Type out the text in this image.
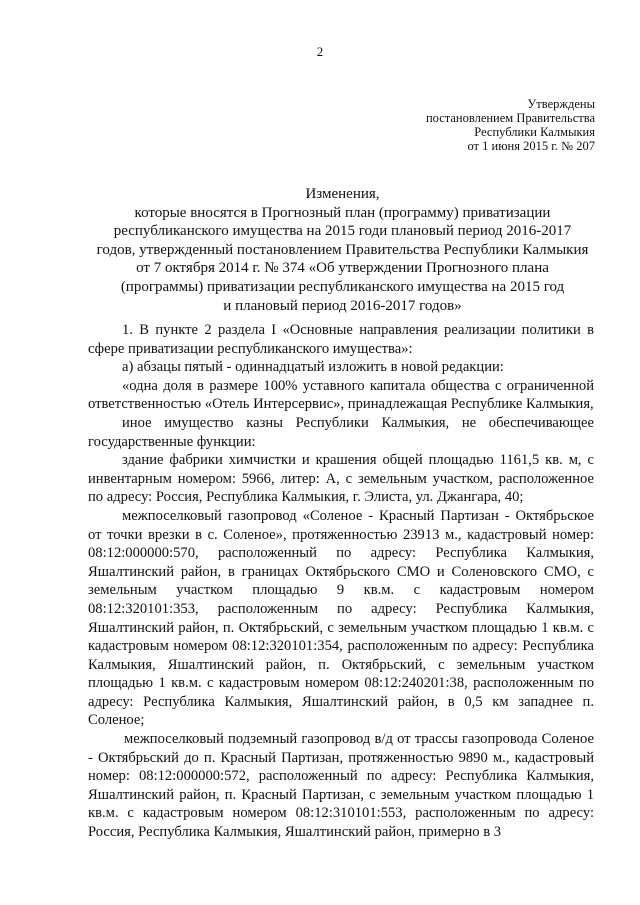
2
Утверждены
постановлением Правительства
Республики Калмыкия
от 1 июня 2015 г. № 207
Изменения,
которые вносятся в Прогнозный план (программу) приватизации
республиканского имущества на 2015 годи плановый период 2016-2017
годов, утвержденный постановлением Правительства Республики Калмыкия
от 7 октября 2014 г. № 374 «Об утверждении Прогнозного плана
(программы) приватизации республиканского имущества на 2015 год
и плановый период 2016-2017 годов»

1. В пункте 2 раздела I «Основные направления реализации политики в сфере приватизации республиканского имущества»:

а) абзацы пятый - одиннадцатый изложить в новой редакции:

«одна доля в размере 100% уставного капитала общества с ограниченной ответственностью «Отель Интерсервис», принадлежащая Республике Калмыкия,

иное имущество казны Республики Калмыкия, не обеспечивающее государственные функции:

здание фабрики химчистки и крашения общей площадью 1161,5 кв. м, с инвентарным номером: 5966, литер: А, с земельным участком, расположенное по адресу: Россия, Республика Калмыкия, г. Элиста, ул. Джангара, 40;

межпоселковый газопровод «Соленое - Красный Партизан - Октябрьское от точки врезки в с. Соленое», протяженностью 23913 м., кадастровый номер: 08:12:000000:570, расположенный по адресу: Республика Калмыкия, Яшалтинский район, в границах Октябрьского СМО и Соленовского СМО, с земельным участком площадью 9 кв.м. с кадастровым номером 08:12:320101:353, расположенным по адресу: Республика Калмыкия, Яшалтинский район, п. Октябрьский, с земельным участком площадью 1 кв.м. с кадастровым номером 08:12:320101:354, расположенным по адресу: Республика Калмыкия, Яшалтинский район, п. Октябрьский, с земельным участком площадью 1 кв.м. с кадастровым номером 08:12:240201:38, расположенным по адресу: Республика Калмыкия, Яшалтинский район, в 0,5 км западнее п. Соленое;

межпоселковый подземный газопровод в/д от трассы газопровода Соленое - Октябрьский до п. Красный Партизан, протяженностью 9890 м., кадастровый номер: 08:12:000000:572, расположенный по адресу: Республика Калмыкия, Яшалтинский район, п. Красный Партизан, с земельным участком площадью 1 кв.м. с кадастровым номером 08:12:310101:553, расположенным по адресу: Россия, Республика Калмыкия, Яшалтинский район, примерно в 3
